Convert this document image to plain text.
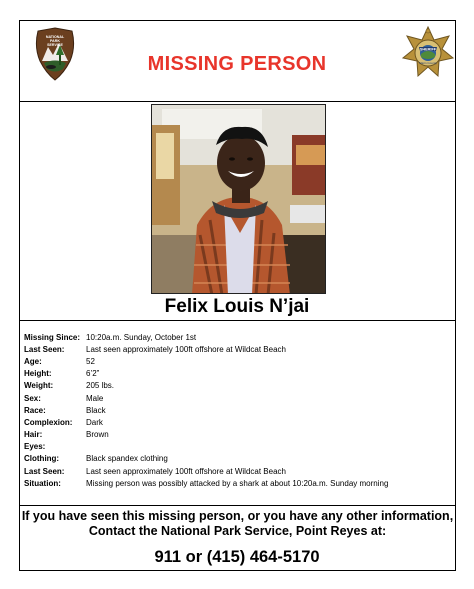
NATIONAL
PARK
SERVICE
MISSING PERSON
SHERIFF
Marin County
Felix Louis N’jai
Missing Since: 10:20a.m. Sunday, October 1st
Last Seen:	Last seen approximately 100ft offshore at Wildcat Beach
Age:	52
Height:	6’2”
Weight:	205 lbs.
Sex:	Male
Race:	Black
Complexion:	Dark
Hair:	Brown
Eyes:
Clothing:	Black spandex clothing
Last Seen:	Last seen approximately 100ft offshore at Wildcat Beach
Situation:	Missing person was possibly attacked by a shark at about 10:20a.m. Sunday morning
If you have seen this missing person, or you have any other information,
Contact the National Park Service, Point Reyes at:
911 or (415) 464-5170
